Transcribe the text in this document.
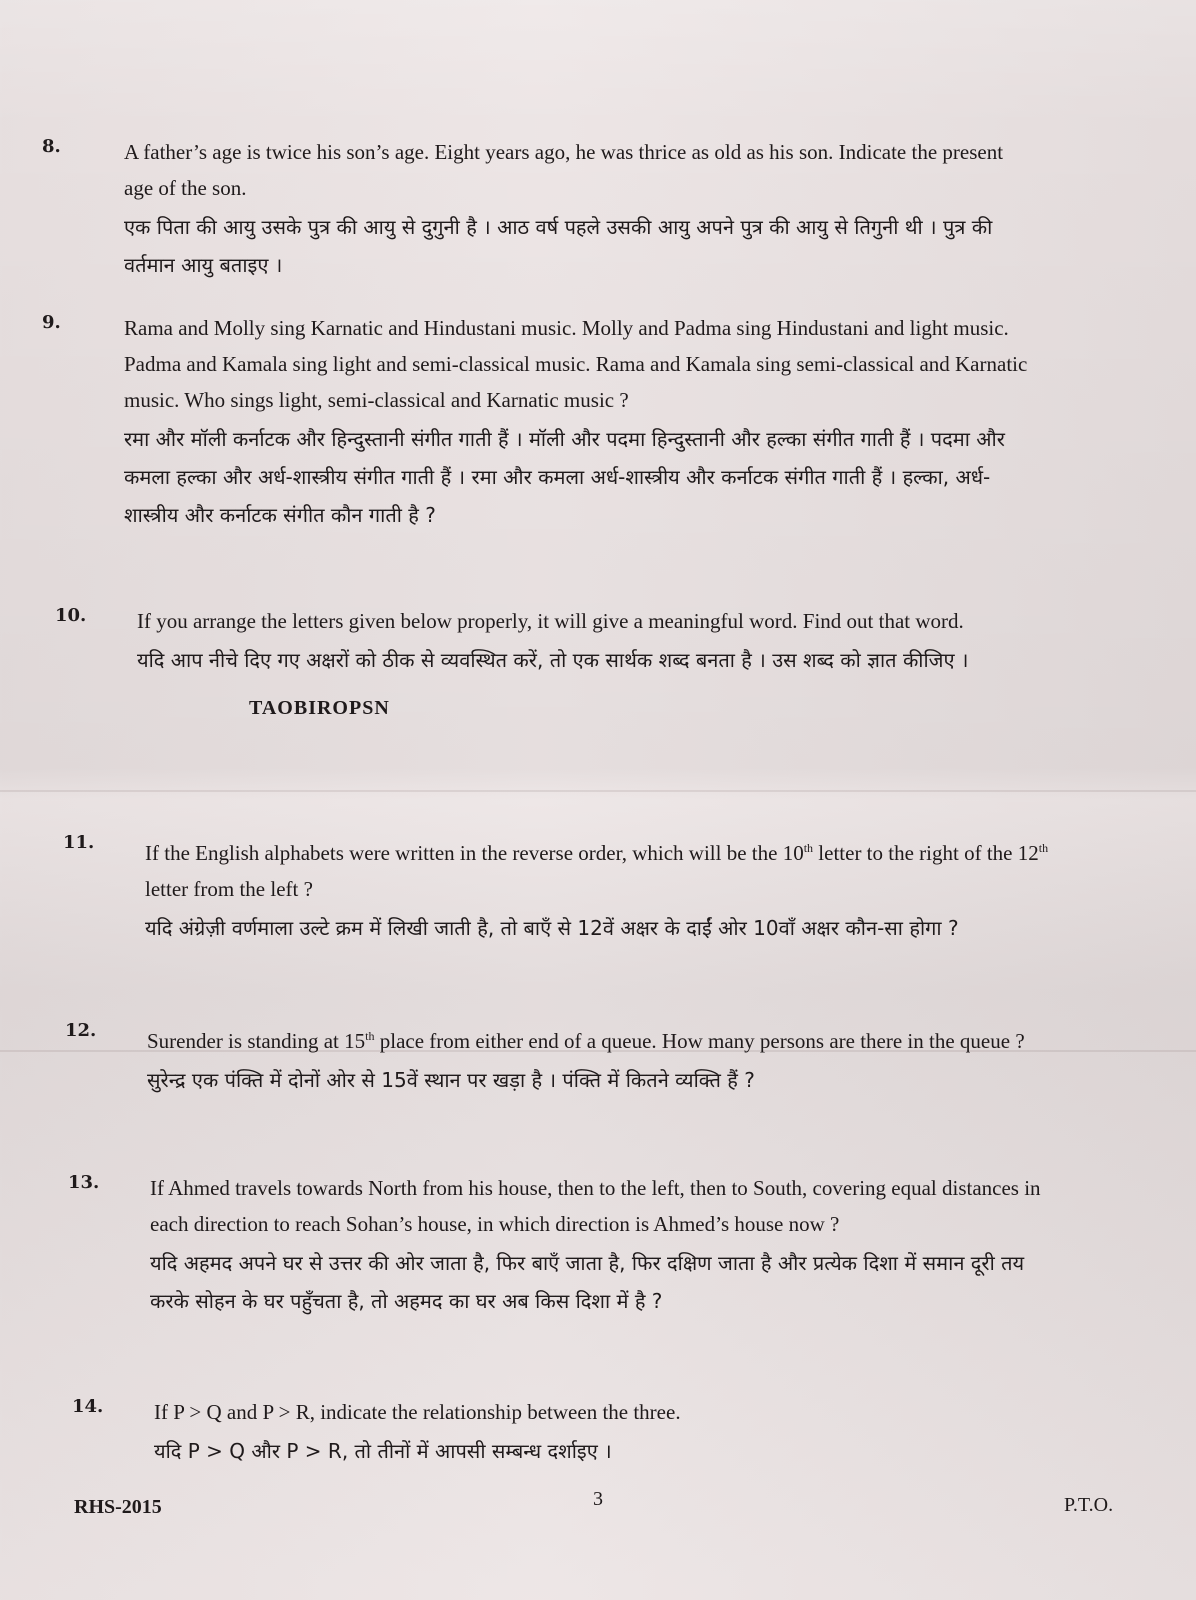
8.	A father’s age is twice his son’s age. Eight years ago, he was thrice as old as his son. Indicate the present age of the son.
एक पिता की आयु उसके पुत्र की आयु से दुगुनी है । आठ वर्ष पहले उसकी आयु अपने पुत्र की आयु से तिगुनी थी । पुत्र की वर्तमान आयु बताइए ।
9.	Rama and Molly sing Karnatic and Hindustani music. Molly and Padma sing Hindustani and light music. Padma and Kamala sing light and semi-classical music. Rama and Kamala sing semi-classical and Karnatic music. Who sings light, semi-classical and Karnatic music ?
रमा और मॉली कर्नाटक और हिन्दुस्तानी संगीत गाती हैं । मॉली और पदमा हिन्दुस्तानी और हल्का संगीत गाती हैं । पदमा और कमला हल्का और अर्ध-शास्त्रीय संगीत गाती हैं । रमा और कमला अर्ध-शास्त्रीय और कर्नाटक संगीत गाती हैं । हल्का, अर्ध-शास्त्रीय और कर्नाटक संगीत कौन गाती है ?
10.	If you arrange the letters given below properly, it will give a meaningful word. Find out that word.
यदि आप नीचे दिए गए अक्षरों को ठीक से व्यवस्थित करें, तो एक सार्थक शब्द बनता है । उस शब्द को ज्ञात कीजिए ।
TAOBIROPSN
11.	If the English alphabets were written in the reverse order, which will be the 10th letter to the right of the 12th letter from the left ?
यदि अंग्रेज़ी वर्णमाला उल्टे क्रम में लिखी जाती है, तो बाएँ से 12वें अक्षर के दाईं ओर 10वाँ अक्षर कौन-सा होगा ?
12.	Surender is standing at 15th place from either end of a queue. How many persons are there in the queue ?
सुरेन्द्र एक पंक्ति में दोनों ओर से 15वें स्थान पर खड़ा है । पंक्ति में कितने व्यक्ति हैं ?
13.	If Ahmed travels towards North from his house, then to the left, then to South, covering equal distances in each direction to reach Sohan’s house, in which direction is Ahmed’s house now ?
यदि अहमद अपने घर से उत्तर की ओर जाता है, फिर बाएँ जाता है, फिर दक्षिण जाता है और प्रत्येक दिशा में समान दूरी तय करके सोहन के घर पहुँचता है, तो अहमद का घर अब किस दिशा में है ?
14.	If P > Q and P > R, indicate the relationship between the three.
यदि P > Q और P > R, तो तीनों में आपसी सम्बन्ध दर्शाइए ।
RHS-2015	3	P.T.O.
